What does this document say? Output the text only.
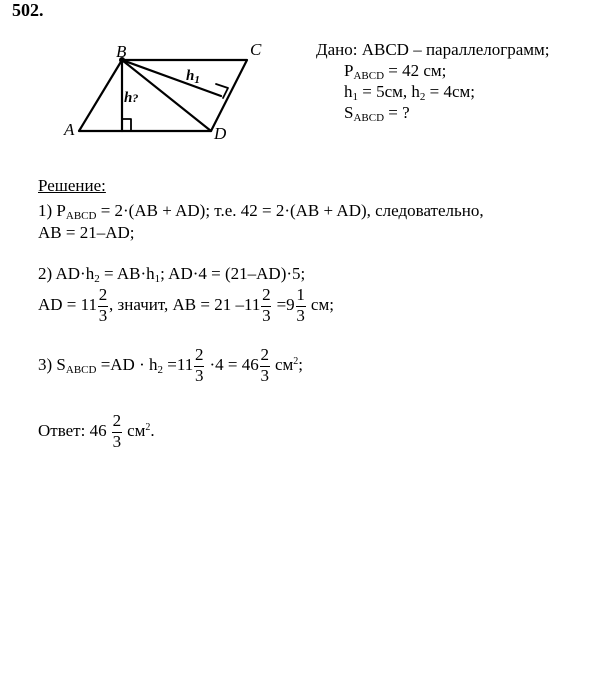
502.
B	C
A	D
$h_1$
h?
Дано: ABCD – параллелограмм;
$P_{ABCD} = 42$ см;
$h_1 = 5см$, $h_2 = 4см$;
$S_{ABCD}$ = ?
Решение:
1) $P_{ABCD} = 2\cdot(AB + AD)$; т.е. 42 = 2·(AB + AD), следовательно,
AB = 21–AD;
2) $AD\cdot h_2 = AB\cdot h_1$; AD·4 = (21–AD)·5;
AD = $11 \frac{2}{3}$ , значит, AB = 21 $-11 \frac{2}{3} =9 \frac{1}{3}$ см;
3) $S_{ABCD} =AD \cdot h_2 =11 \frac{2}{3} \cdot 4 = 46 \frac{2}{3} см^2$;
Ответ: $46 \frac{2}{3} см^2$.
